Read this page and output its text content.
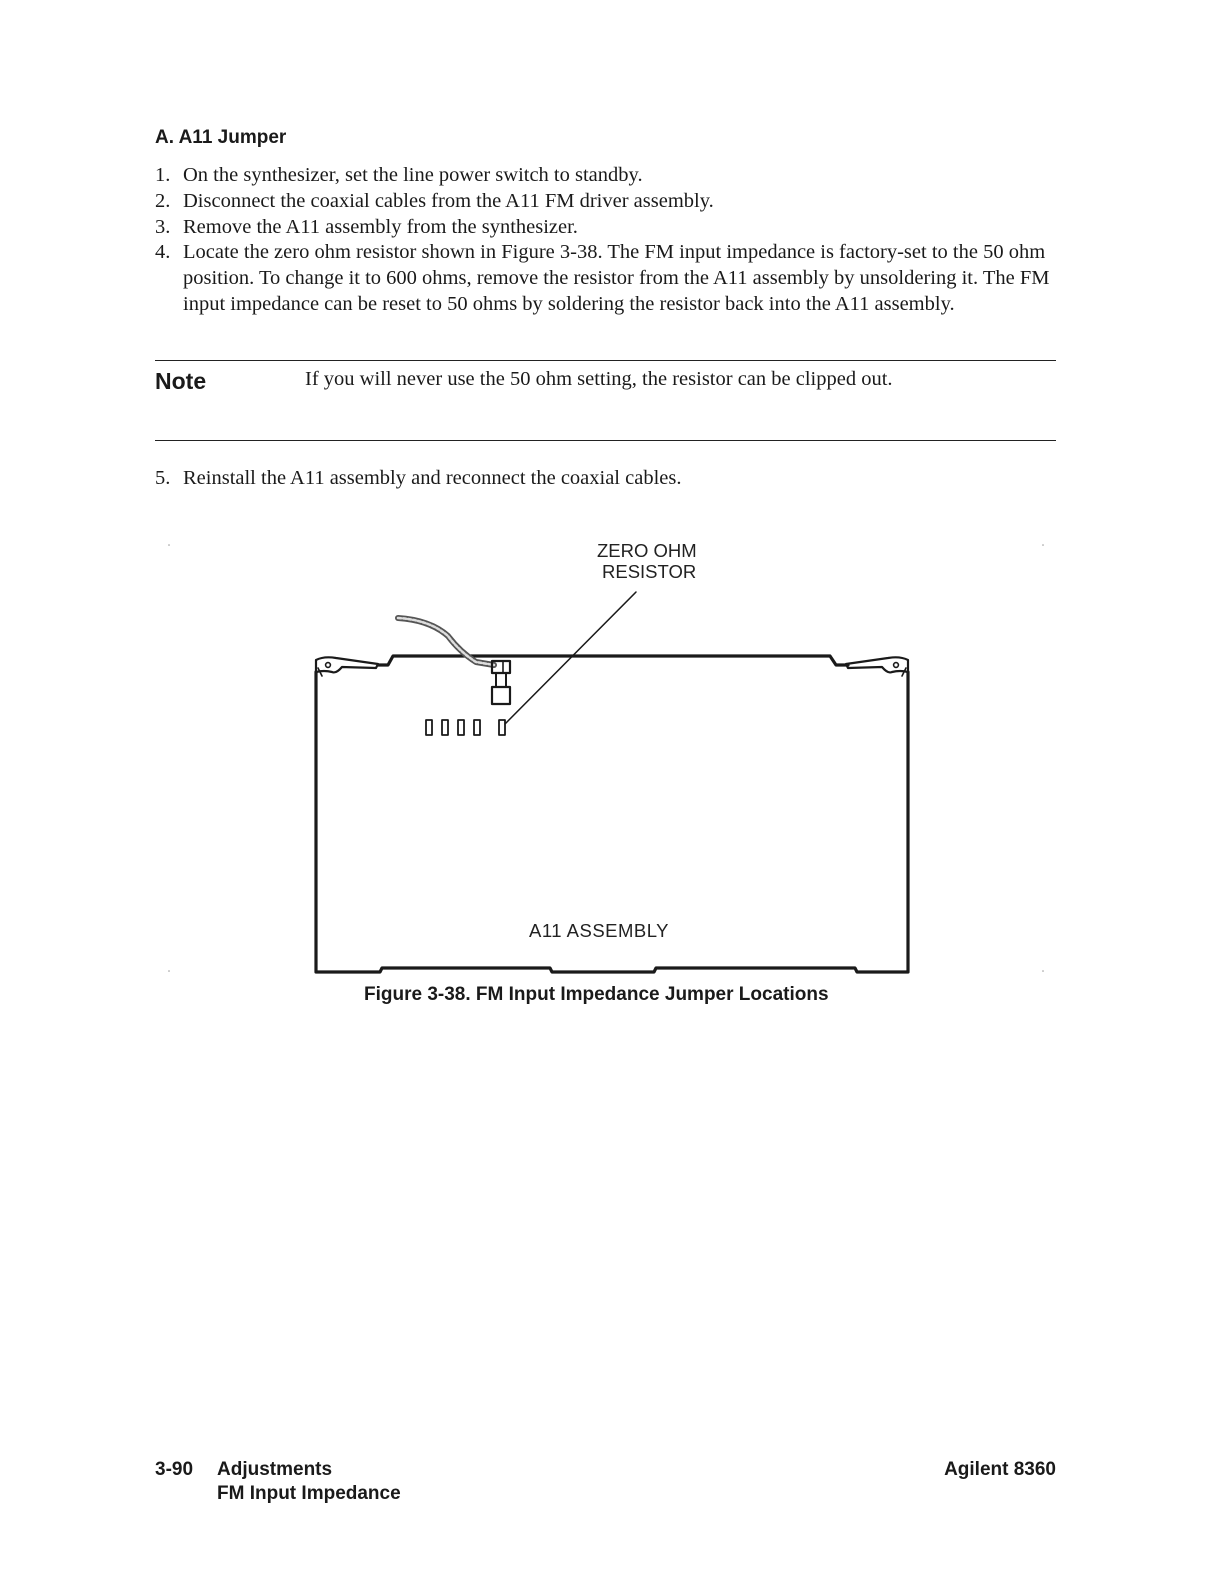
A. A11 Jumper
1. On the synthesizer, set the line power switch to standby.
2. Disconnect the coaxial cables from the A11 FM driver assembly.
3. Remove the A11 assembly from the synthesizer.
4. Locate the zero ohm resistor shown in Figure 3-38. The FM input impedance is factory-set to the 50 ohm position. To change it to 600 ohms, remove the resistor from the A11 assembly by unsoldering it. The FM input impedance can be reset to 50 ohms by soldering the resistor back into the A11 assembly.
Note	If you will never use the 50 ohm setting, the resistor can be clipped out.
5. Reinstall the A11 assembly and reconnect the coaxial cables.
ZERO OHM
RESISTOR
A11 ASSEMBLY
Figure 3-38. FM Input Impedance Jumper Locations
3-90 Adjustments
FM Input Impedance
Agilent 8360
